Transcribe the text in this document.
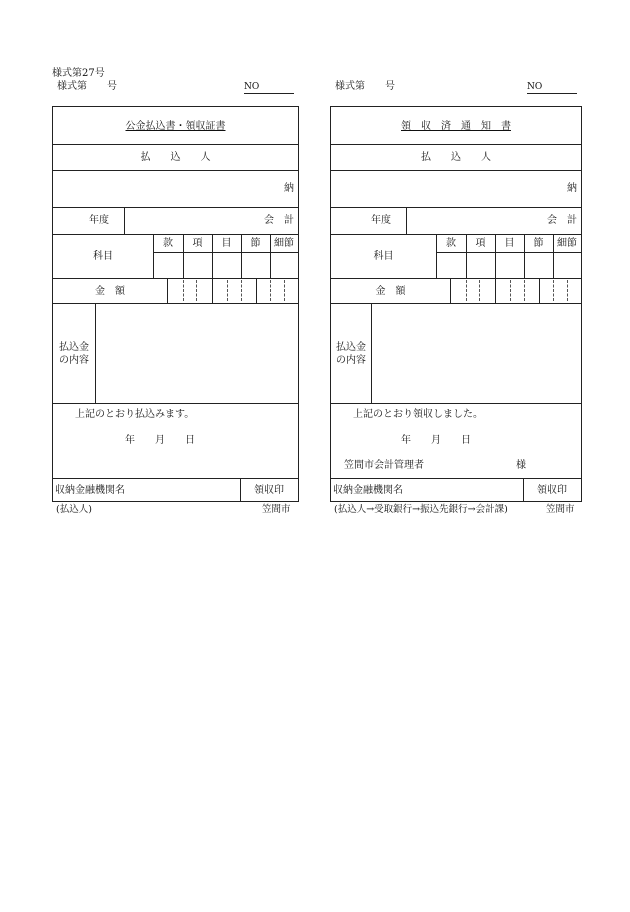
様式第27号
様式第　　号	NO	様式第　　号	NO
公金払込書・領収証書
払　　込　　人
納
年度	会　計
科目
款	項	目	節	細節
金　額
払込金の内容
上記のとおり払込みます。
年　　月　　日
収納金融機関名	領収印
(払込人)	笠間市
領　収　済　通　知　書
払　　込　　人
納
年度	会　計
科目
款	項	目	節	細節
金　額
払込金の内容
上記のとおり領収しました。
年　　月　　日
笠間市会計管理者	様
収納金融機関名	領収印
(払込人→受取銀行→振込先銀行→会計課)	笠間市
